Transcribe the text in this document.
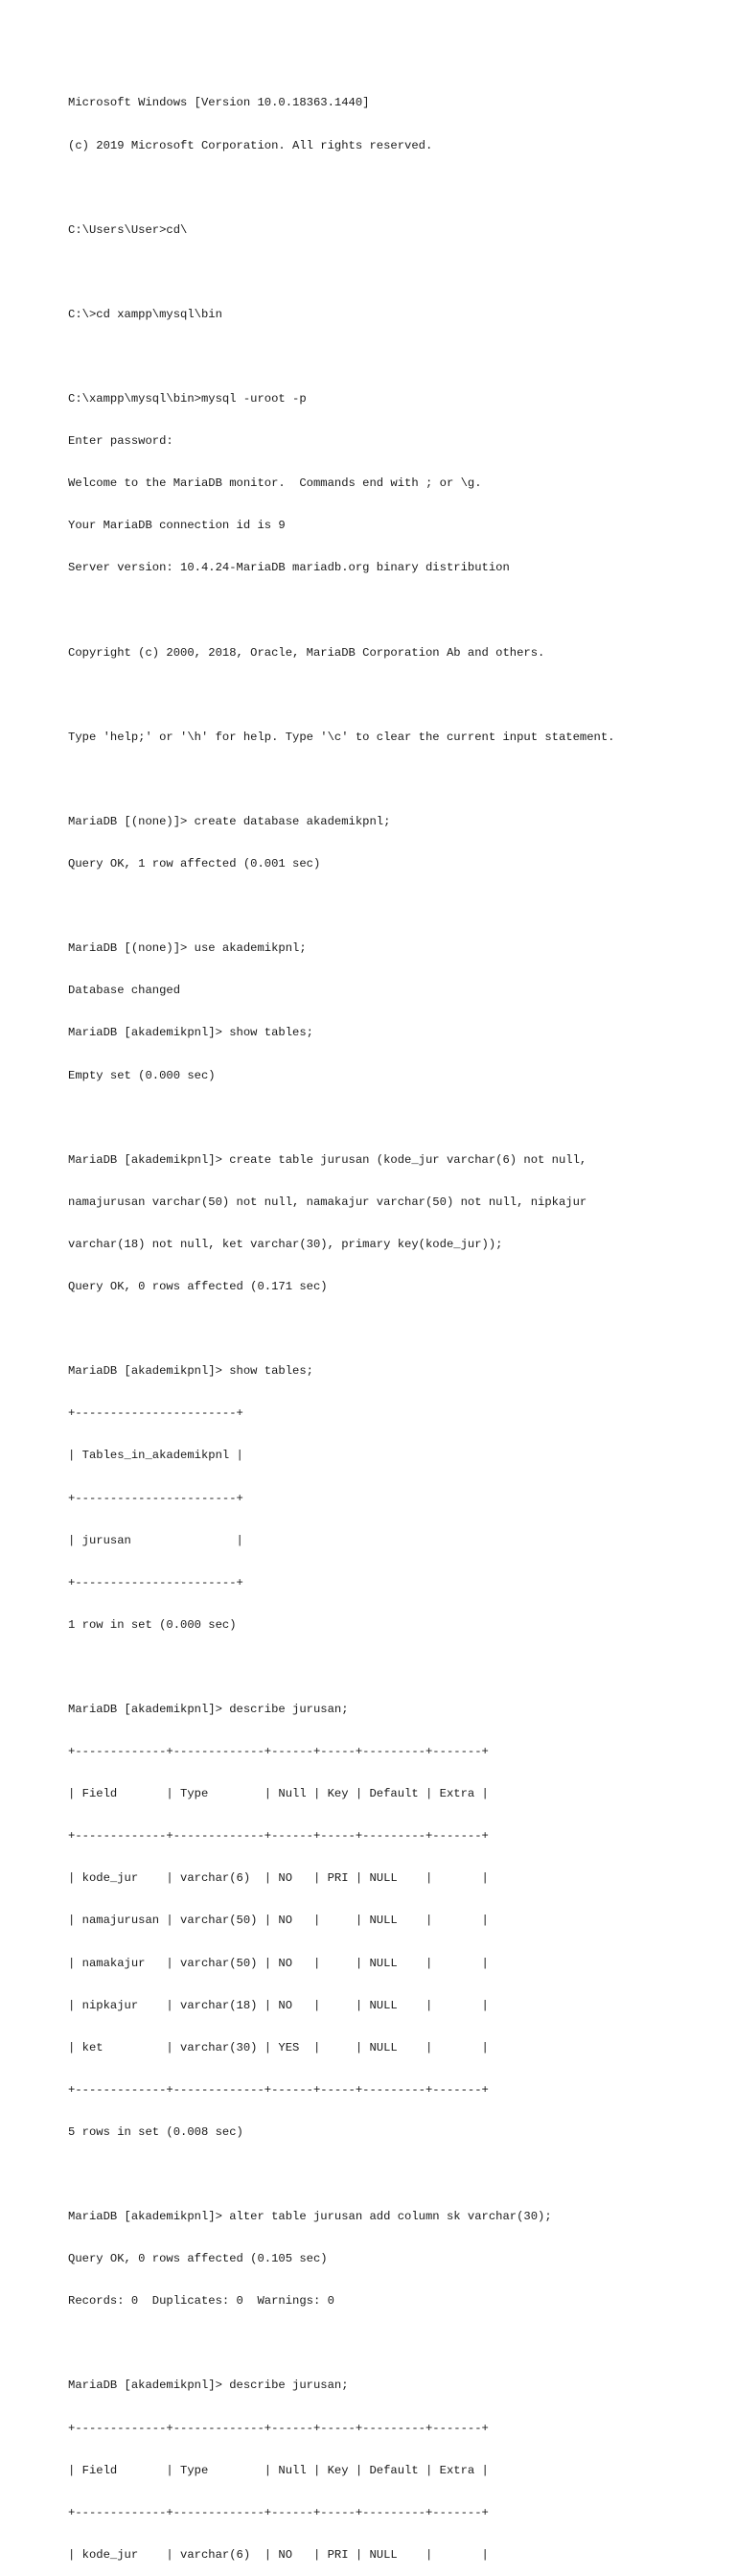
Microsoft Windows [Version 10.0.18363.1440]

(c) 2019 Microsoft Corporation. All rights reserved.

C:\Users\User>cd\

C:\>cd xampp\mysql\bin

C:\xampp\mysql\bin>mysql -uroot -p

Enter password:

Welcome to the MariaDB monitor.  Commands end with ; or \g.

Your MariaDB connection id is 9

Server version: 10.4.24-MariaDB mariadb.org binary distribution

Copyright (c) 2000, 2018, Oracle, MariaDB Corporation Ab and others.

Type 'help;' or '\h' for help. Type '\c' to clear the current input statement.

MariaDB [(none)]> create database akademikpnl;

Query OK, 1 row affected (0.001 sec)

MariaDB [(none)]> use akademikpnl;

Database changed

MariaDB [akademikpnl]> show tables;

Empty set (0.000 sec)

MariaDB [akademikpnl]> create table jurusan (kode_jur varchar(6) not null,

namajurusan varchar(50) not null, namakajur varchar(50) not null, nipkajur

varchar(18) not null, ket varchar(30), primary key(kode_jur));

Query OK, 0 rows affected (0.171 sec)

MariaDB [akademikpnl]> show tables;

+-----------------------+

| Tables_in_akademikpnl |

+-----------------------+

| jurusan               |

+-----------------------+

1 row in set (0.000 sec)

MariaDB [akademikpnl]> describe jurusan;

+-------------+-------------+------+-----+---------+-------+

| Field       | Type        | Null | Key | Default | Extra |

+-------------+-------------+------+-----+---------+-------+

| kode_jur    | varchar(6)  | NO   | PRI | NULL    |       |

| namajurusan | varchar(50) | NO   |     | NULL    |       |

| namakajur   | varchar(50) | NO   |     | NULL    |       |

| nipkajur    | varchar(18) | NO   |     | NULL    |       |

| ket         | varchar(30) | YES  |     | NULL    |       |

+-------------+-------------+------+-----+---------+-------+

5 rows in set (0.008 sec)

MariaDB [akademikpnl]> alter table jurusan add column sk varchar(30);

Query OK, 0 rows affected (0.105 sec)

Records: 0  Duplicates: 0  Warnings: 0

MariaDB [akademikpnl]> describe jurusan;

+-------------+-------------+------+-----+---------+-------+

| Field       | Type        | Null | Key | Default | Extra |

+-------------+-------------+------+-----+---------+-------+

| kode_jur    | varchar(6)  | NO   | PRI | NULL    |       |
